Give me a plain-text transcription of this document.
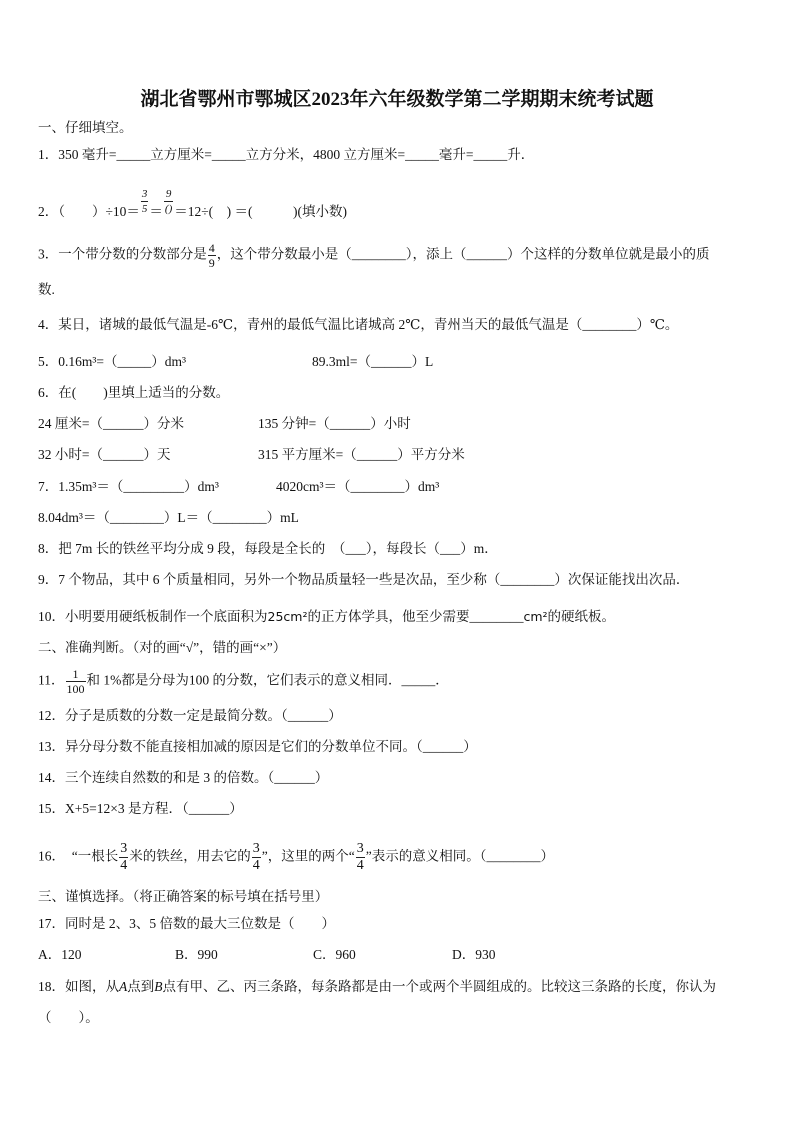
湖北省鄂州市鄂城区2023年六年级数学第二学期期末统考试题
一、仔细填空。
1．350 毫升=_____立方厘米=_____立方分米，4800 立方厘米=_____毫升=_____升．
2．（　　）$\div 10= \frac{3}{5} = \frac{9}{()} =12\div$(　) ＝(　　　)(填小数)
3．一个带分数的分数部分是 $\frac{4}{9}$ ，这个带分数最小是（________），添上（______）个这样的分数单位就是最小的质
数.
4．某日，诸城的最低气温是-6℃，青州的最低气温比诸城高 2℃，青州当天的最低气温是（________）℃。
5．0.16m³=（_____）dm³	89.3ml=（______）L
6．在(　　)里填上适当的分数。
24 厘米=（______）分米	135 分钟=（______）小时
32 小时=（______）天	315 平方厘米=（______）平方分米
7．1.35m³＝（_________）dm³	4020cm³＝（________）dm³
8.04dm³＝（________）L＝（________）mL
8．把 7m 长的铁丝平均分成 9 段，每段是全长的　（___），每段长（___）m．
9．7 个物品，其中 6 个质量相同，另外一个物品质量轻一些是次品，至少称（________）次保证能找出次品．
10．小明要用硬纸板制作一个底面积为25cm²的正方体学具，他至少需要________cm²的硬纸板。
二、准确判断。（对的画“√”，错的画“×”）
11． $\frac{1}{100}$ 和 1%都是分母为100 的分数，它们表示的意义相同．_____．
12．分子是质数的分数一定是最简分数。（______）
13．异分母分数不能直接相加减的原因是它们的分数单位不同。（______）
14．三个连续自然数的和是 3 的倍数。（______）
15．X+5=12×3 是方程．（______）
16．　“一根长 $\frac{3}{4}$ 米的铁丝，用去它的 $\frac{3}{4}$ ”，这里的两个“ $\frac{3}{4}$ ”表示的意义相同。（________）
三、谨慎选择。（将正确答案的标号填在括号里）
17．同时是 2、3、5 倍数的最大三位数是（　　）
A．120	B．990	C．960	D．930
18．如图，从A点到B点有甲、乙、丙三条路，每条路都是由一个或两个半圆组成的。比较这三条路的长度，你认为
（　　）。
